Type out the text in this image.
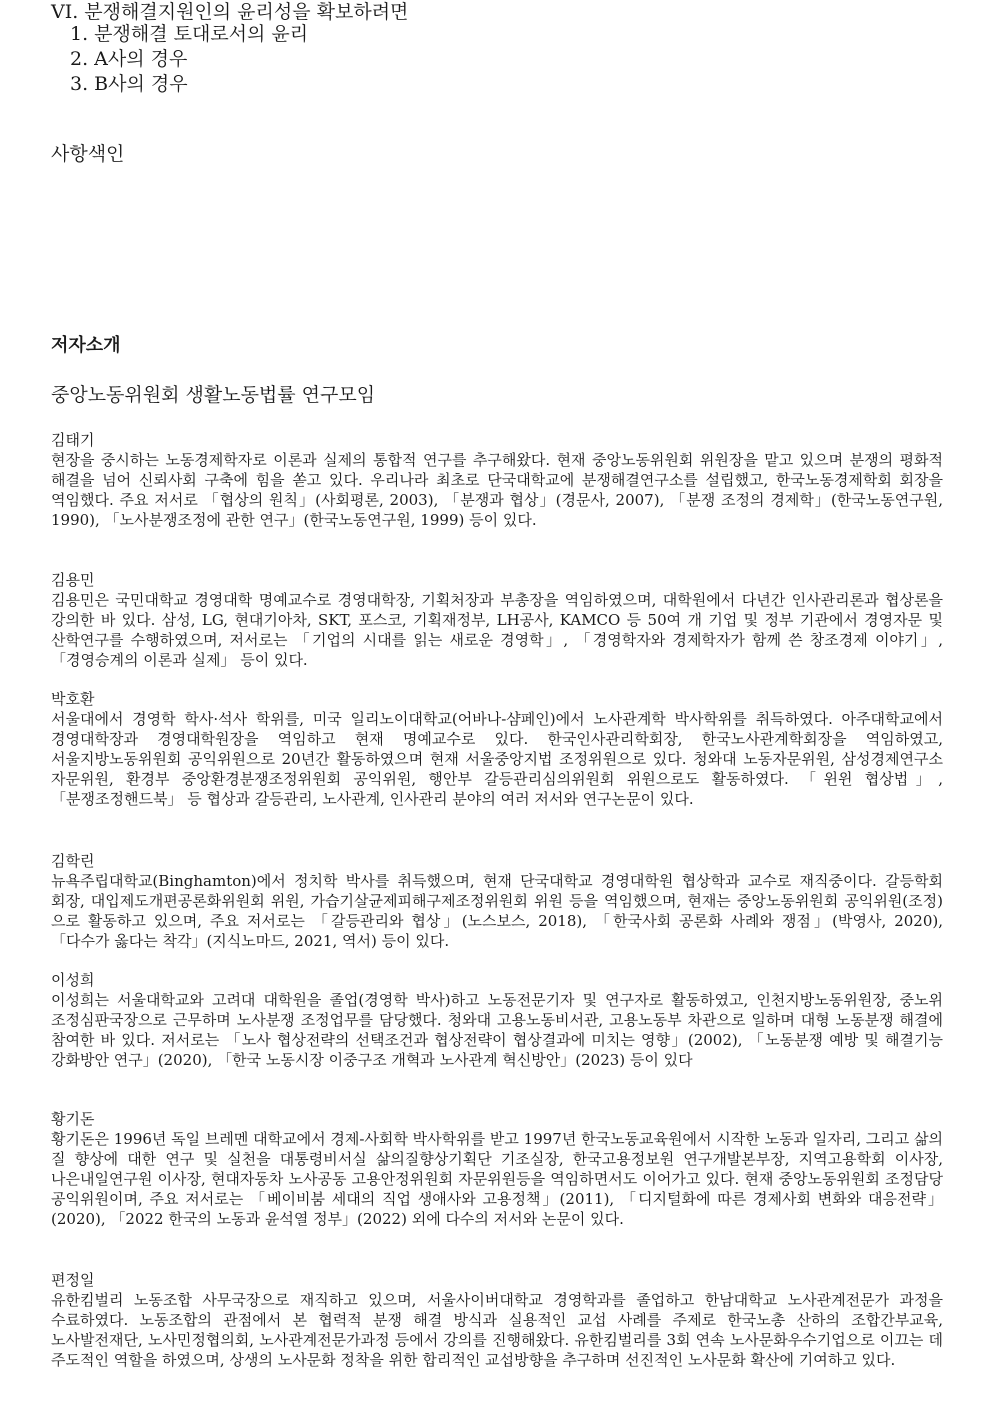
VI. 분쟁해결지원인의 윤리성을 확보하려면
1. 분쟁해결 토대로서의 윤리
2. A사의 경우
3. B사의 경우
사항색인
저자소개
중앙노동위원회 생활노동법률 연구모임

김태기

현장을 중시하는 노동경제학자로 이론과 실제의 통합적 연구를 추구해왔다. 현재 중앙노동위원회 위원장을 맡고 있으며 분쟁의 평화적 해결을 넘어 신뢰사회 구축에 힘을 쏟고 있다. 우리나라 최초로 단국대학교에 분쟁해결연구소를 설립했고, 한국노동경제학회 회장을 역임했다. 주요 저서로 「협상의 원칙」(사회평론, 2003), 「분쟁과 협상」(경문사, 2007), 「분쟁 조정의 경제학」(한국노동연구원, 1990), 「노사분쟁조정에 관한 연구」(한국노동연구원, 1999) 등이 있다.

김용민

김용민은 국민대학교 경영대학 명예교수로 경영대학장, 기획처장과 부총장을 역임하였으며, 대학원에서 다년간 인사관리론과 협상론을 강의한 바 있다. 삼성, LG, 현대기아차, SKT, 포스코, 기획재정부, LH공사, KAMCO 등 50여 개 기업 및 정부 기관에서 경영자문 및 산학연구를 수행하였으며, 저서로는 「기업의 시대를 읽는 새로운 경영학」, 「경영학자와 경제학자가 함께 쓴 창조경제 이야기」, 「경영승계의 이론과 실제」 등이 있다.

박호환

서울대에서 경영학 학사·석사 학위를, 미국 일리노이대학교(어바나-샴페인)에서 노사관계학 박사학위를 취득하였다. 아주대학교에서 경영대학장과 경영대학원장을 역임하고 현재 명예교수로 있다. 한국인사관리학회장, 한국노사관계학회장을 역임하였고, 서울지방노동위원회 공익위원으로 20년간 활동하였으며 현재 서울중앙지법 조정위원으로 있다. 청와대 노동자문위원, 삼성경제연구소 자문위원, 환경부 중앙환경분쟁조정위원회 공익위원, 행안부 갈등관리심의위원회 위원으로도 활동하였다. 「윈윈 협상법」, 「분쟁조정핸드북」 등 협상과 갈등관리, 노사관계, 인사관리 분야의 여러 저서와 연구논문이 있다.

김학린

뉴욕주립대학교(Binghamton)에서 정치학 박사를 취득했으며, 현재 단국대학교 경영대학원 협상학과 교수로 재직중이다. 갈등학회 회장, 대입제도개편공론화위원회 위원, 가습기살균제피해구제조정위원회 위원 등을 역임했으며, 현재는 중앙노동위원회 공익위원(조정)으로 활동하고 있으며, 주요 저서로는 「갈등관리와 협상」(노스보스, 2018), 「한국사회 공론화 사례와 쟁점」(박영사, 2020), 「다수가 옳다는 착각」(지식노마드, 2021, 역서) 등이 있다.

이성희

이성희는 서울대학교와 고려대 대학원을 졸업(경영학 박사)하고 노동전문기자 및 연구자로 활동하였고, 인천지방노동위원장, 중노위 조정심판국장으로 근무하며 노사분쟁 조정업무를 담당했다. 청와대 고용노동비서관, 고용노동부 차관으로 일하며 대형 노동분쟁 해결에 참여한 바 있다. 저서로는 「노사 협상전략의 선택조건과 협상전략이 협상결과에 미치는 영향」(2002), 「노동분쟁 예방 및 해결기능 강화방안 연구」(2020), 「한국 노동시장 이중구조 개혁과 노사관계 혁신방안」(2023) 등이 있다

황기돈

황기돈은 1996년 독일 브레멘 대학교에서 경제-사회학 박사학위를 받고 1997년 한국노동교육원에서 시작한 노동과 일자리, 그리고 삶의 질 향상에 대한 연구 및 실천을 대통령비서실 삶의질향상기획단 기조실장, 한국고용정보원 연구개발본부장, 지역고용학회 이사장, 나은내일연구원 이사장, 현대자동차 노사공동 고용안정위원회 자문위원등을 역임하면서도 이어가고 있다. 현재 중앙노동위원회 조정담당 공익위원이며, 주요 저서로는 「베이비붐 세대의 직업 생애사와 고용정책」(2011), 「디지털화에 따른 경제사회 변화와 대응전략」(2020), 「2022 한국의 노동과 윤석열 정부」(2022) 외에 다수의 저서와 논문이 있다.

편정일

유한킴벌리 노동조합 사무국장으로 재직하고 있으며, 서울사이버대학교 경영학과를 졸업하고 한남대학교 노사관계전문가 과정을 수료하였다. 노동조합의 관점에서 본 협력적 분쟁 해결 방식과 실용적인 교섭 사례를 주제로 한국노총 산하의 조합간부교육, 노사발전재단, 노사민정협의회, 노사관계전문가과정 등에서 강의를 진행해왔다. 유한킴벌리를 3회 연속 노사문화우수기업으로 이끄는 데 주도적인 역할을 하였으며, 상생의 노사문화 정착을 위한 합리적인 교섭방향을 추구하며 선진적인 노사문화 확산에 기여하고 있다.
